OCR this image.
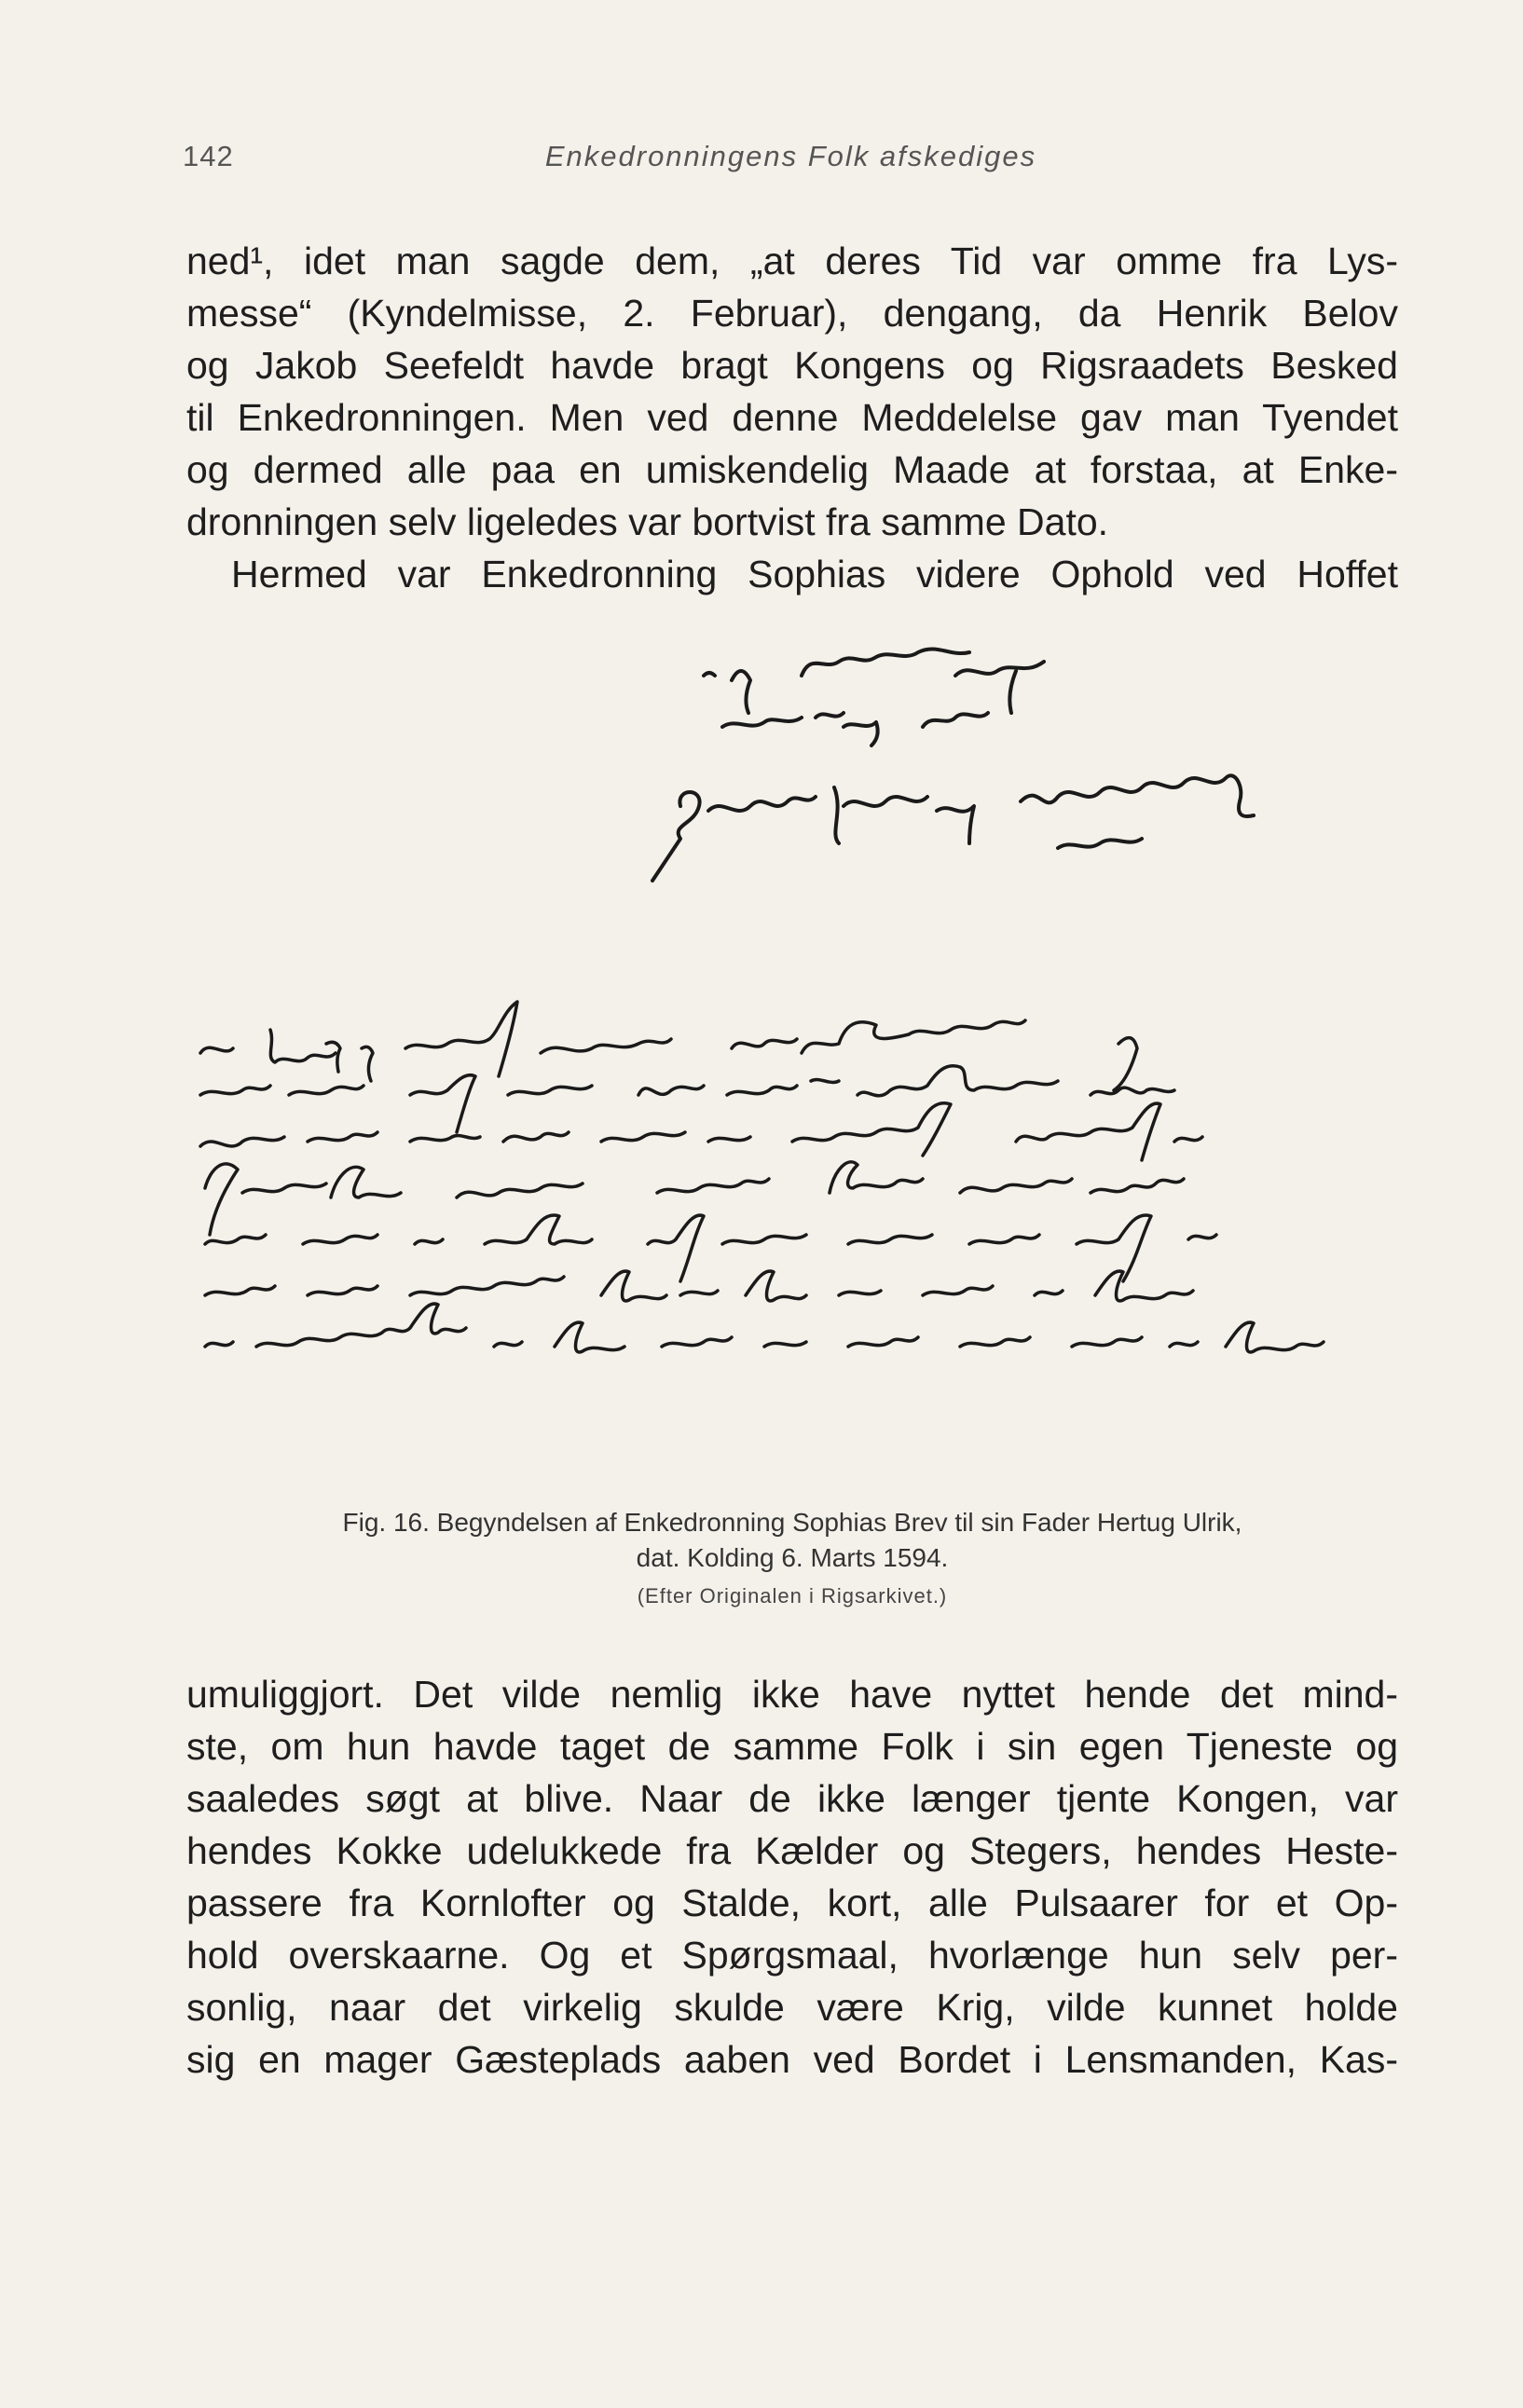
142	Enkedronningens Folk afskediges
ned¹, idet man sagde dem, „at deres Tid var omme fra Lys-
messe“ (Kyndelmisse, 2. Februar), dengang, da Henrik Belov
og Jakob Seefeldt havde bragt Kongens og Rigsraadets Besked
til Enkedronningen. Men ved denne Meddelelse gav man Tyendet
og dermed alle paa en umiskendelig Maade at forstaa, at Enke-
dronningen selv ligeledes var bortvist fra samme Dato.
Hermed var Enkedronning Sophias videre Ophold ved Hoffet
Fig. 16. Begyndelsen af Enkedronning Sophias Brev til sin Fader Hertug Ulrik,
dat. Kolding 6. Marts 1594.
(Efter Originalen i Rigsarkivet.)
umuliggjort. Det vilde nemlig ikke have nyttet hende det mind-
ste, om hun havde taget de samme Folk i sin egen Tjeneste og
saaledes søgt at blive. Naar de ikke længer tjente Kongen, var
hendes Kokke udelukkede fra Kælder og Stegers, hendes Heste-
passere fra Kornlofter og Stalde, kort, alle Pulsaarer for et Op-
hold overskaarne. Og et Spørgsmaal, hvorlænge hun selv per-
sonlig, naar det virkelig skulde være Krig, vilde kunnet holde
sig en mager Gæsteplads aaben ved Bordet i Lensmanden, Kas-
